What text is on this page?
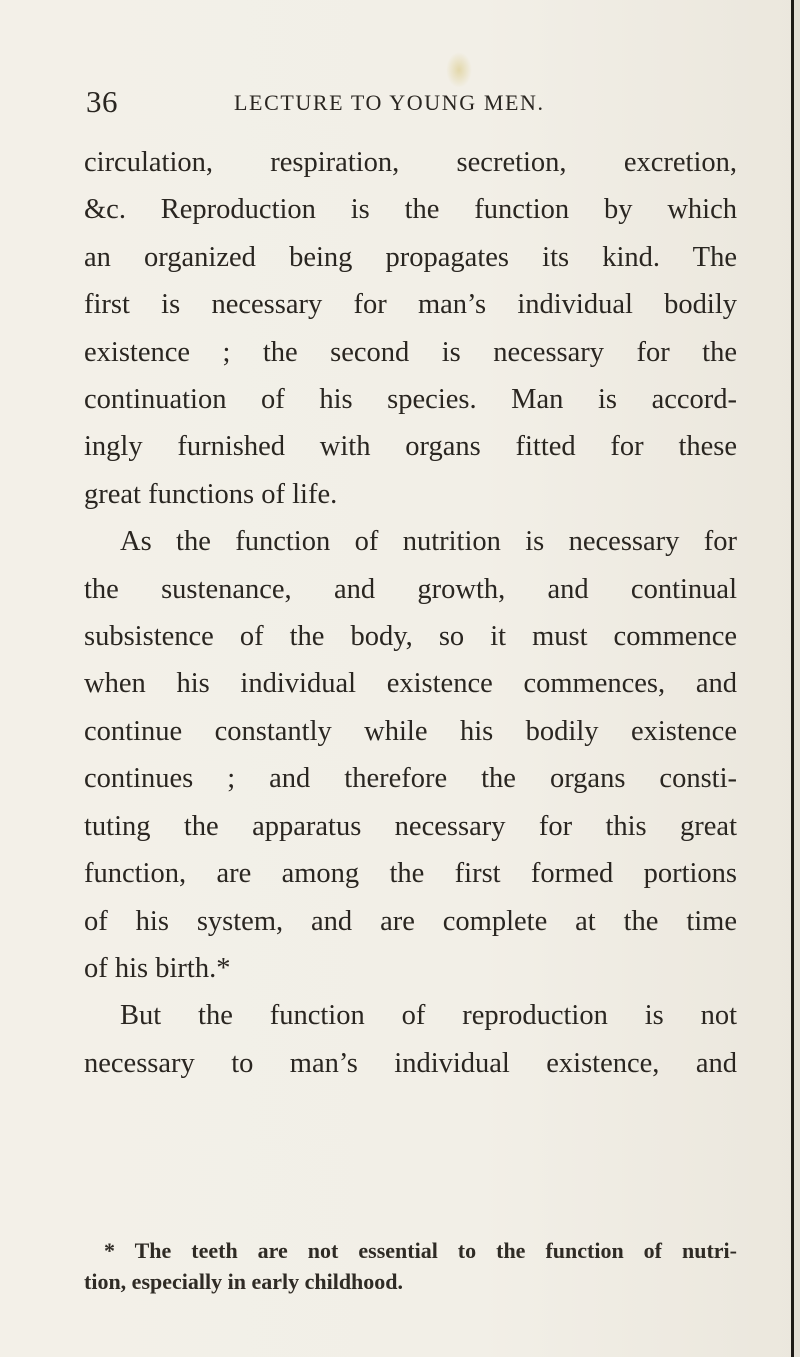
36	LECTURE TO YOUNG MEN.
circulation, respiration, secretion, excretion,
&c. Reproduction is the function by which
an organized being propagates its kind. The
first is necessary for man’s individual bodily
existence ; the second is necessary for the
continuation of his species. Man is accord-
ingly furnished with organs fitted for these
great functions of life.
As the function of nutrition is necessary for
the sustenance, and growth, and continual
subsistence of the body, so it must commence
when his individual existence commences, and
continue constantly while his bodily existence
continues ; and therefore the organs consti-
tuting the apparatus necessary for this great
function, are among the first formed portions
of his system, and are complete at the time
of his birth.*
But the function of reproduction is not
necessary to man’s individual existence, and
* The teeth are not essential to the function of nutri-
tion, especially in early childhood.
